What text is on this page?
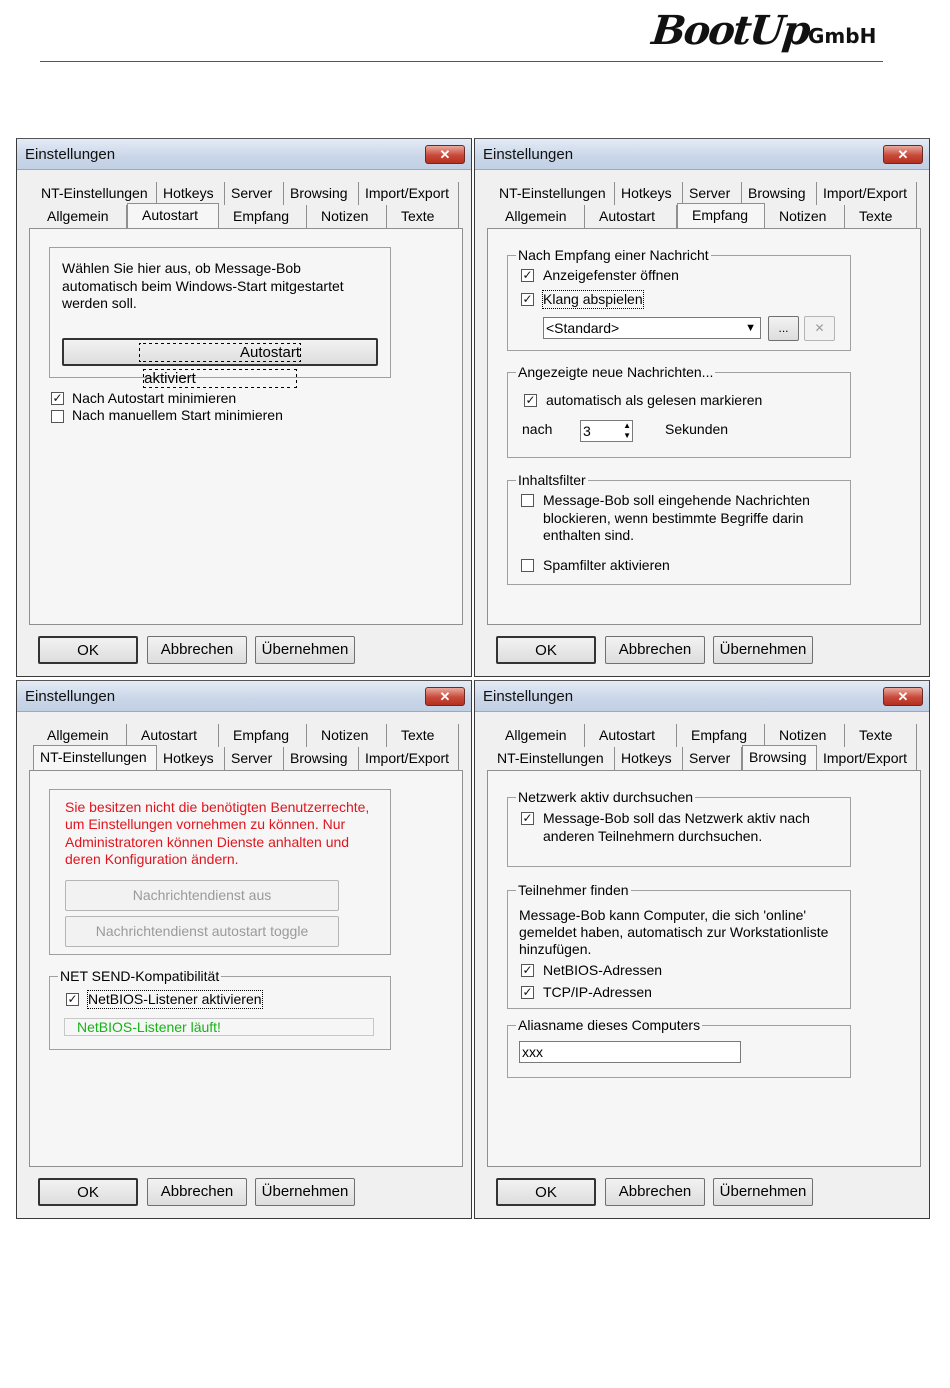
BootUp
GmbH
Einstellungen	✕
NT-Einstellungen	Hotkeys	Server	Browsing	Import/Export
Allgemein	Autostart	Empfang	Notizen	Texte
Wählen Sie hier aus, ob Message-Bob
automatisch beim Windows-Start mitgestartet
werden soll.
Autostart aktiviert
✓ Nach Autostart minimieren
Nach manuellem Start minimieren
OK	Abbrechen	Übernehmen
Einstellungen	✕
NT-Einstellungen	Hotkeys	Server	Browsing	Import/Export
Allgemein	Autostart	Empfang	Notizen	Texte
Nach Empfang einer Nachricht
✓ Anzeigefenster öffnen
✓ Klang abspielen
<Standard>	▼	...	✕
Angezeigte neue Nachrichten...
✓ automatisch als gelesen markieren
nach 3	▲
▼ Sekunden
Inhaltsfilter
Message-Bob soll eingehende Nachrichten
blockieren, wenn bestimmte Begriffe darin
enthalten sind.
Spamfilter aktivieren
OK	Abbrechen	Übernehmen
Einstellungen	✕
Allgemein	Autostart	Empfang	Notizen	Texte
NT-Einstellungen	Hotkeys	Server	Browsing	Import/Export
Sie besitzen nicht die benötigten Benutzerrechte,
um Einstellungen vornehmen zu können. Nur
Administratoren können Dienste anhalten und
deren Konfiguration ändern.
Nachrichtendienst aus
Nachrichtendienst autostart toggle
NET SEND-Kompatibilität
✓ NetBIOS-Listener aktivieren
NetBIOS-Listener läuft!
OK	Abbrechen	Übernehmen
Einstellungen	✕
Allgemein	Autostart	Empfang	Notizen	Texte
NT-Einstellungen	Hotkeys	Server	Browsing	Import/Export
Netzwerk aktiv durchsuchen
✓ Message-Bob soll das Netzwerk aktiv nach
anderen Teilnehmern durchsuchen.
Teilnehmer finden
Message-Bob kann Computer, die sich 'online'
gemeldet haben, automatisch zur Workstationliste
hinzufügen.
✓ NetBIOS-Adressen
✓ TCP/IP-Adressen
Aliasname dieses Computers
xxx
OK	Abbrechen	Übernehmen
